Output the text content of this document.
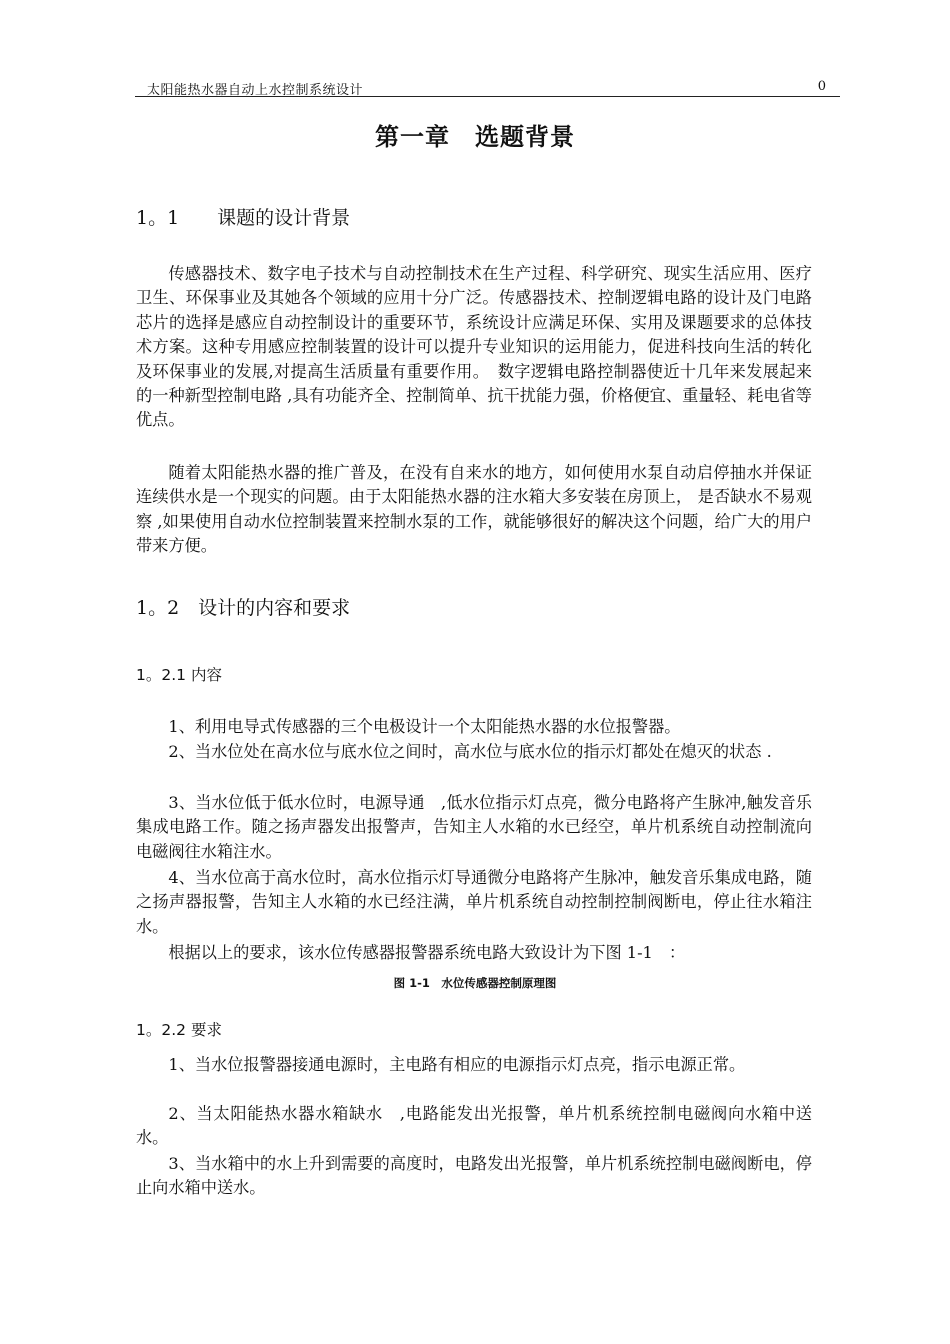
太阳能热水器自动上水控制系统设计	0
第一章　选题背景
1。1　　课题的设计背景

传感器技术、数字电子技术与自动控制技术在生产过程、科学研究、现实生活应用、医疗卫生、环保事业及其她各个领域的应用十分广泛。传感器技术、控制逻辑电路的设计及门电路芯片的选择是感应自动控制设计的重要环节，系统设计应满足环保、实用及课题要求的总体技术方案。这种专用感应控制装置的设计可以提升专业知识的运用能力，促进科技向生活的转化及环保事业的发展,对提高生活质量有重要作用。　数字逻辑电路控制器使近十几年来发展起来的一种新型控制电路 ,具有功能齐全、控制简单、抗干扰能力强，价格便宜、重量轻、耗电省等优点。

随着太阳能热水器的推广普及，在没有自来水的地方，如何使用水泵自动启停抽水并保证连续供水是一个现实的问题。由于太阳能热水器的注水箱大多安装在房顶上， 是否缺水不易观察 ,如果使用自动水位控制装置来控制水泵的工作，就能够很好的解决这个问题，给广大的用户带来方便。

1。2　设计的内容和要求
1。2.1 内容

1、利用电导式传感器的三个电极设计一个太阳能热水器的水位报警器。

2、当水位处在高水位与底水位之间时，高水位与底水位的指示灯都处在熄灭的状态 .

3、当水位低于低水位时，电源导通　,低水位指示灯点亮，微分电路将产生脉冲,触发音乐集成电路工作。随之扬声器发出报警声，告知主人水箱的水已经空，单片机系统自动控制流向电磁阀往水箱注水。

4、当水位高于高水位时，高水位指示灯导通微分电路将产生脉冲，触发音乐集成电路，随之扬声器报警，告知主人水箱的水已经注满，单片机系统自动控制控制阀断电，停止往水箱注水。

根据以上的要求，该水位传感器报警器系统电路大致设计为下图 1-1　：

图 1-1　水位传感器控制原理图
1。2.2 要求

1、当水位报警器接通电源时，主电路有相应的电源指示灯点亮，指示电源正常。

2、当太阳能热水器水箱缺水　,电路能发出光报警，单片机系统控制电磁阀向水箱中送水。

3、当水箱中的水上升到需要的高度时，电路发出光报警，单片机系统控制电磁阀断电，停止向水箱中送水。
